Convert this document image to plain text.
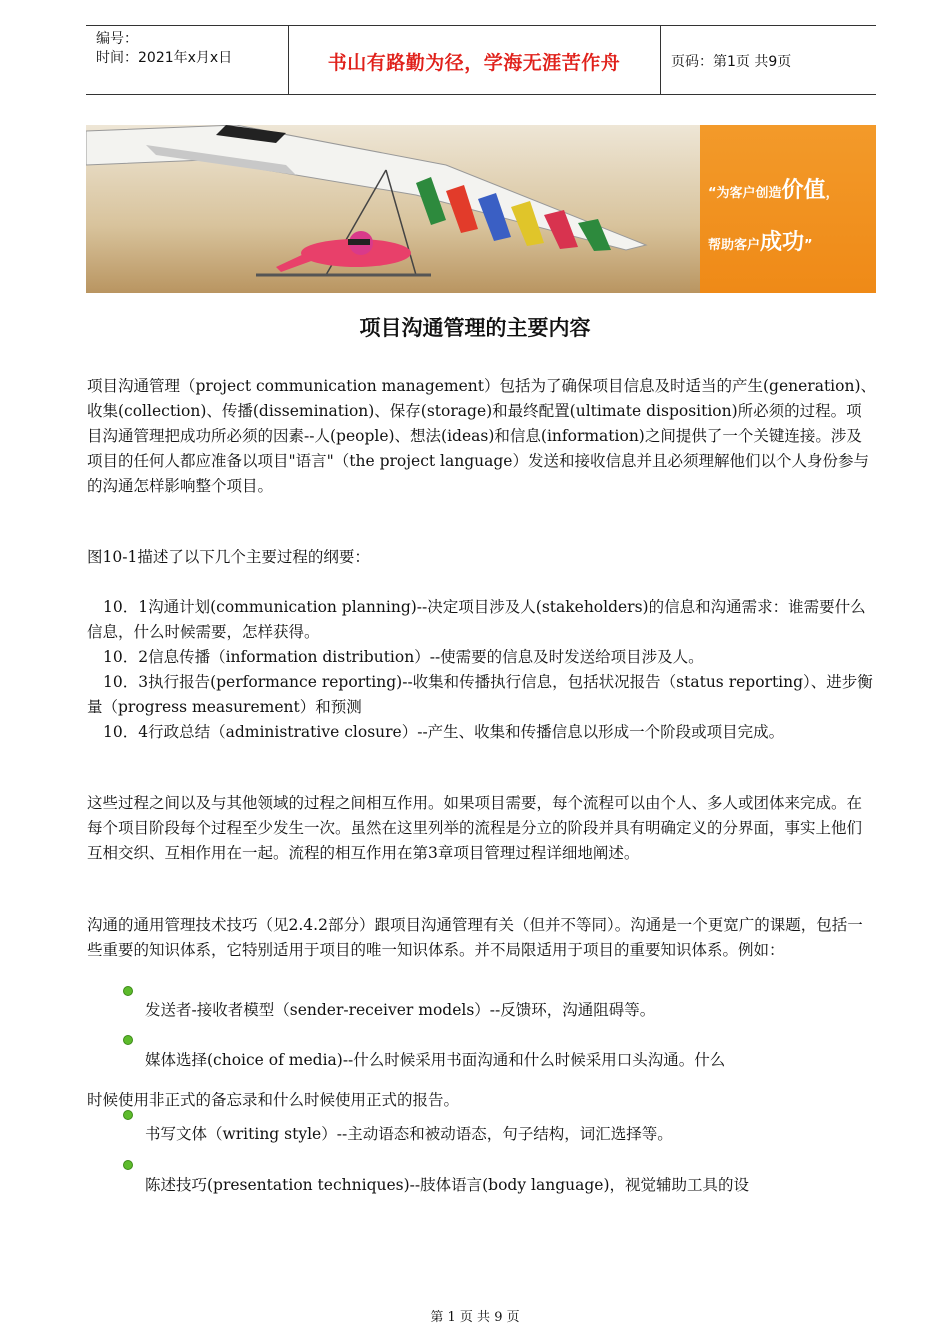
编号：
时间：2021年x月x日	书山有路勤为径，学海无涯苦作舟	页码：第1页 共9页
“为客户创造价值，
帮助客户成功”
项目沟通管理的主要内容

项目沟通管理（project communication management）包括为了确保项目信息及时适当的产生(generation)、收集(collection)、传播(dissemination)、保存(storage)和最终配置(ultimate disposition)所必须的过程。项目沟通管理把成功所必须的因素--人(people)、想法(ideas)和信息(information)之间提供了一个关键连接。涉及项目的任何人都应准备以项目"语言"（the project language）发送和接收信息并且必须理解他们以个人身份参与的沟通怎样影响整个项目。

图10-1描述了以下几个主要过程的纲要：

10．1沟通计划(communication planning)--决定项目涉及人(stakeholders)的信息和沟通需求：谁需要什么信息，什么时候需要，怎样获得。

10．2信息传播（information distribution）--使需要的信息及时发送给项目涉及人。

10．3执行报告(performance reporting)--收集和传播执行信息，包括状况报告（status reporting）、进步衡量（progress measurement）和预测

10．4行政总结（administrative closure）--产生、收集和传播信息以形成一个阶段或项目完成。

这些过程之间以及与其他领域的过程之间相互作用。如果项目需要，每个流程可以由个人、多人或团体来完成。在每个项目阶段每个过程至少发生一次。虽然在这里列举的流程是分立的阶段并具有明确定义的分界面，事实上他们互相交织、互相作用在一起。流程的相互作用在第3章项目管理过程详细地阐述。

沟通的通用管理技术技巧（见2.4.2部分）跟项目沟通管理有关（但并不等同）。沟通是一个更宽广的课题，包括一些重要的知识体系，它特别适用于项目的唯一知识体系。并不局限适用于项目的重要知识体系。例如：

发送者-接收者模型（sender-receiver models）--反馈环，沟通阻碍等。
媒体选择(choice of media)--什么时候采用书面沟通和什么时候采用口头沟通。什么
时候使用非正式的备忘录和什么时候使用正式的报告。
书写文体（writing style）--主动语态和被动语态，句子结构，词汇选择等。
陈述技巧(presentation techniques)--肢体语言(body language)，视觉辅助工具的设
第 1 页 共 9 页
